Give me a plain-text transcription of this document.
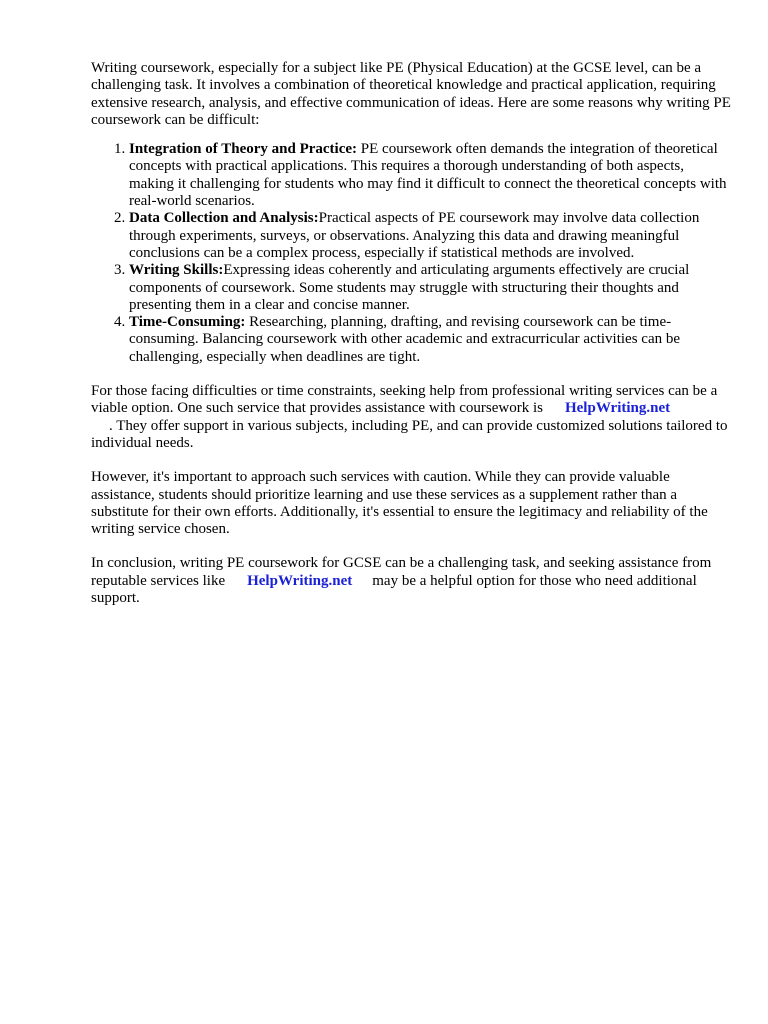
Writing coursework, especially for a subject like PE (Physical Education) at the GCSE level, can be a challenging task. It involves a combination of theoretical knowledge and practical application, requiring extensive research, analysis, and effective communication of ideas. Here are some reasons why writing PE coursework can be difficult:

1. Integration of Theory and Practice: PE coursework often demands the integration of theoretical concepts with practical applications. This requires a thorough understanding of both aspects, making it challenging for students who may find it difficult to connect the theoretical concepts with real-world scenarios.
2. Data Collection and Analysis:Practical aspects of PE coursework may involve data collection through experiments, surveys, or observations. Analyzing this data and drawing meaningful conclusions can be a complex process, especially if statistical methods are involved.
3. Writing Skills:Expressing ideas coherently and articulating arguments effectively are crucial components of coursework. Some students may struggle with structuring their thoughts and presenting them in a clear and concise manner.
4. Time-Consuming: Researching, planning, drafting, and revising coursework can be time-consuming. Balancing coursework with other academic and extracurricular activities can be challenging, especially when deadlines are tight.

For those facing difficulties or time constraints, seeking help from professional writing services can be a viable option. One such service that provides assistance with coursework is HelpWriting.net
. They offer support in various subjects, including PE, and can provide customized solutions tailored to individual needs.

However, it's important to approach such services with caution. While they can provide valuable assistance, students should prioritize learning and use these services as a supplement rather than a substitute for their own efforts. Additionally, it's essential to ensure the legitimacy and reliability of the writing service chosen.

In conclusion, writing PE coursework for GCSE can be a challenging task, and seeking assistance from reputable services like HelpWriting.net may be a helpful option for those who need additional support.
